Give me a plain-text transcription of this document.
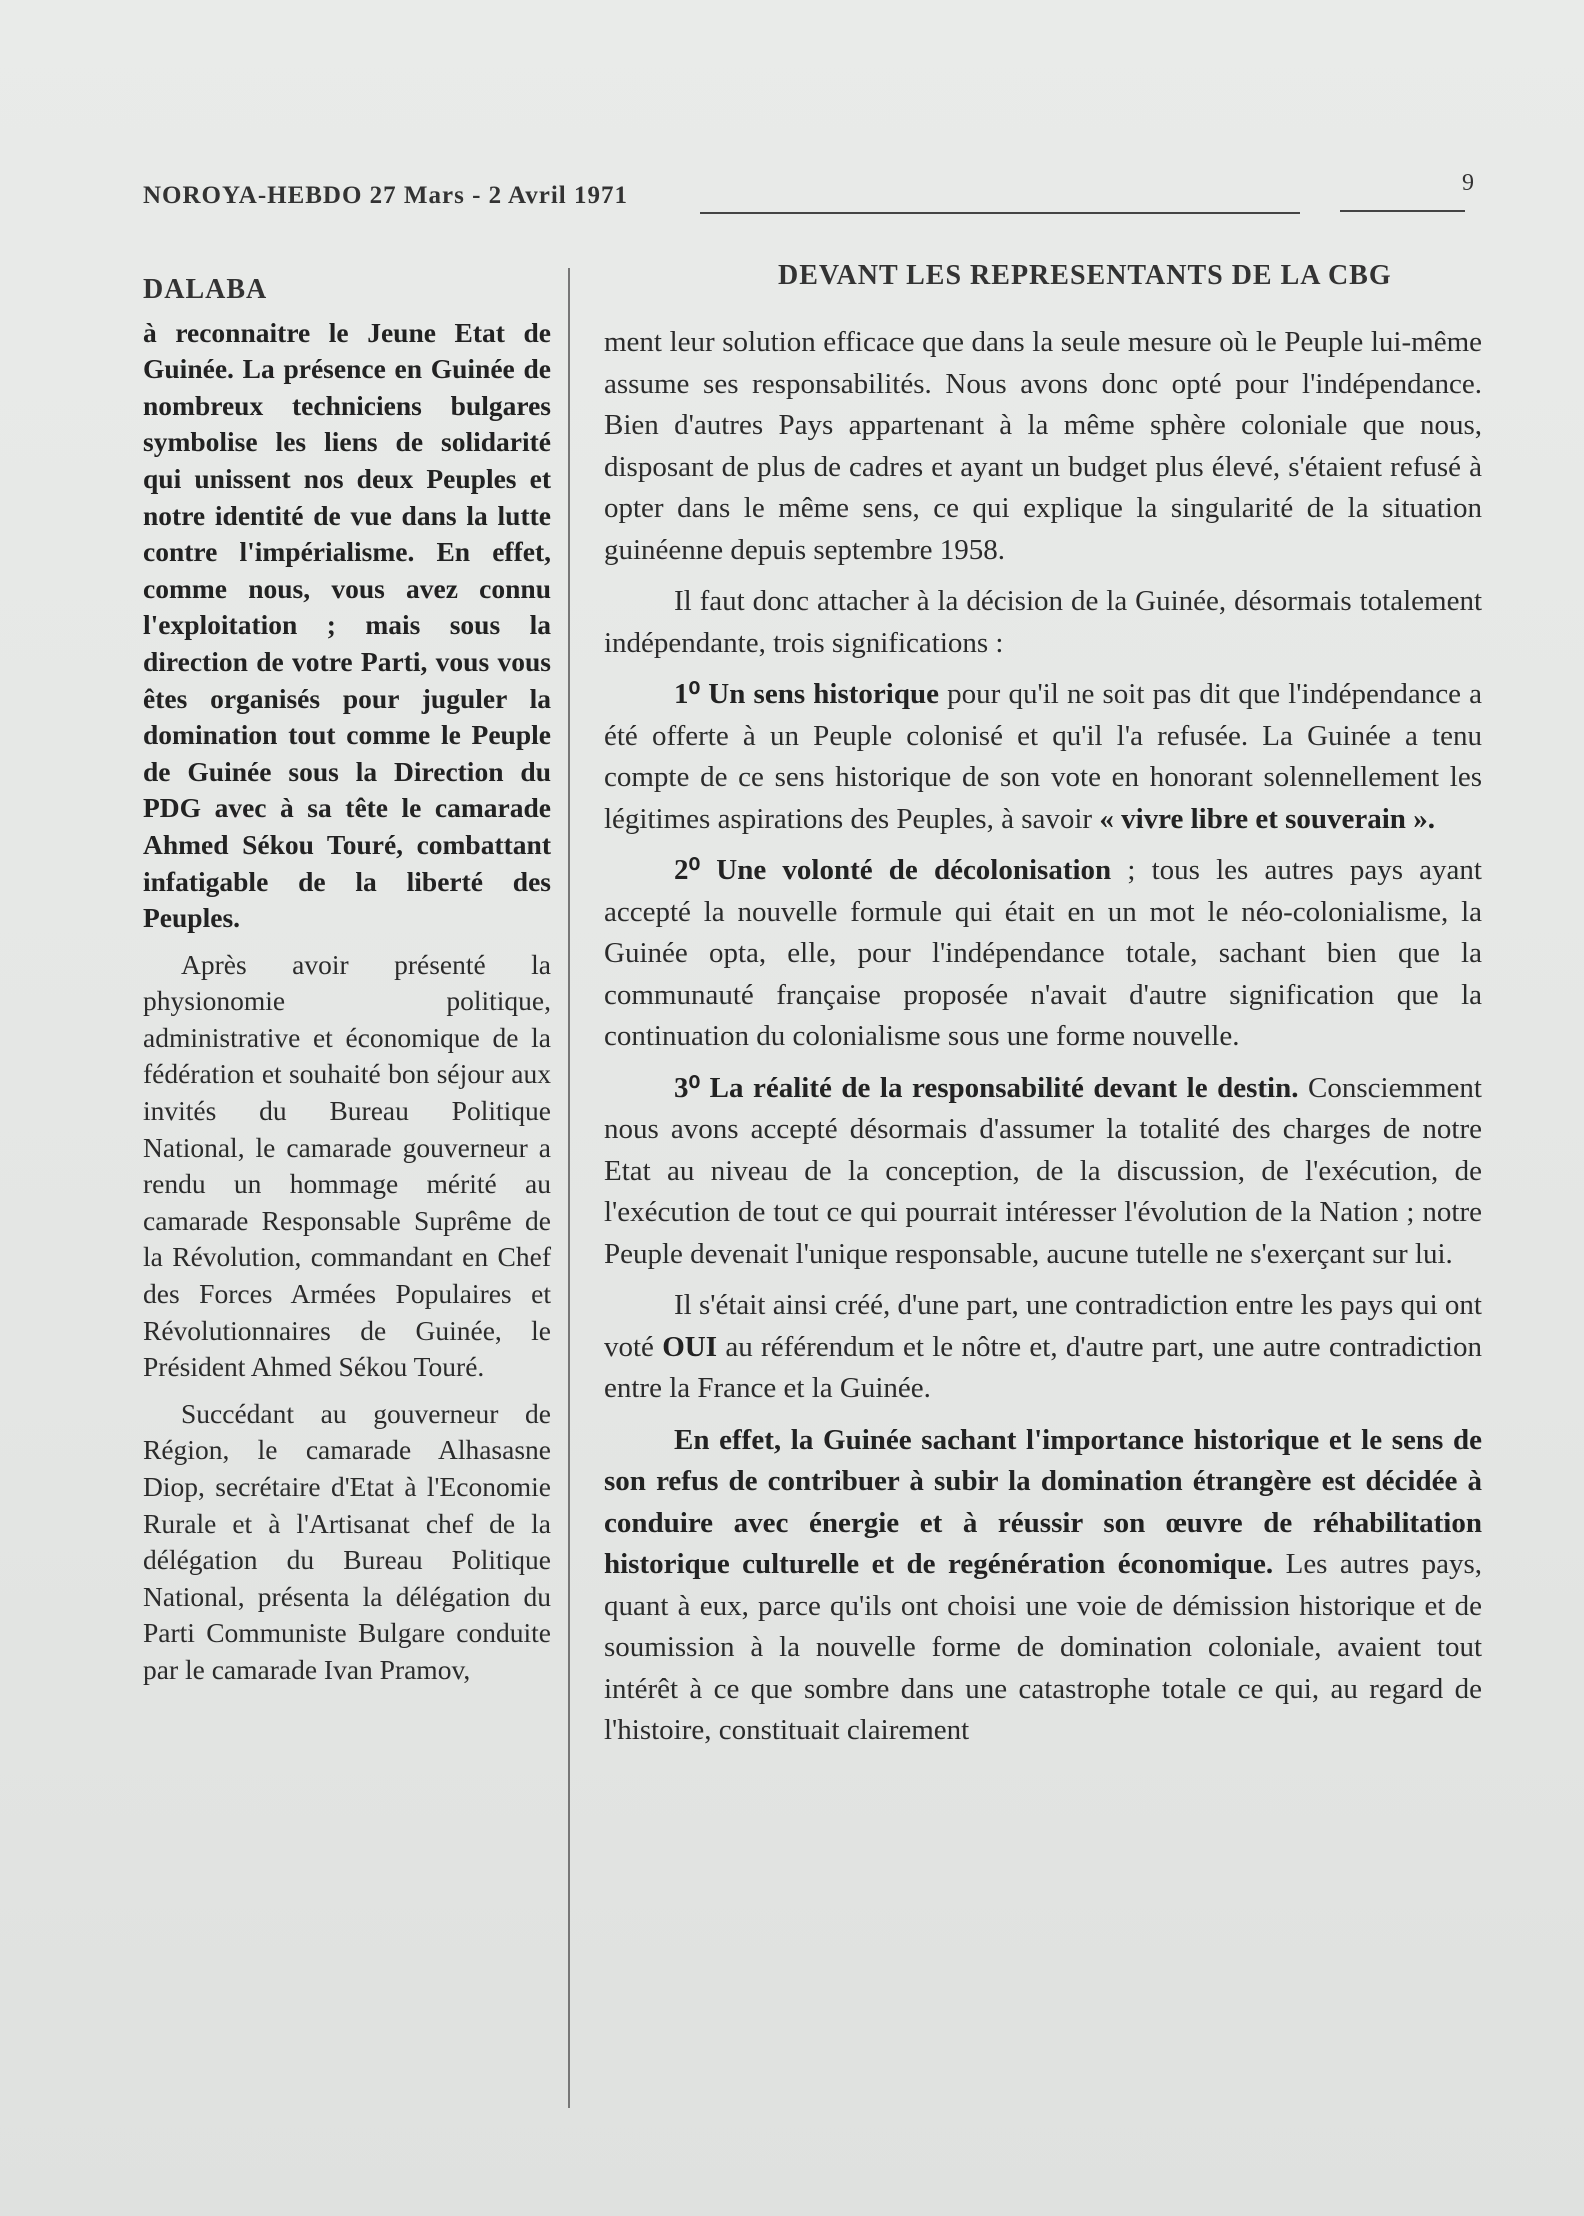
NOROYA-HEBDO 27 Mars - 2 Avril 1971	9
DALABA

à reconnaitre le Jeune Etat de Guinée. La présence en Guinée de nombreux techniciens bulgares symbolise les liens de solidarité qui unissent nos deux Peuples et notre identité de vue dans la lutte contre l'impérialisme. En effet, comme nous, vous avez connu l'exploitation ; mais sous la direction de votre Parti, vous vous êtes organisés pour juguler la domination tout comme le Peuple de Guinée sous la Direction du PDG avec à sa tête le camarade Ahmed Sékou Touré, combattant infatigable de la liberté des Peuples.

Après avoir présenté la physionomie politique, administrative et économique de la fédération et souhaité bon séjour aux invités du Bureau Politique National, le camarade gouverneur a rendu un hommage mérité au camarade Responsable Suprême de la Révolution, commandant en Chef des Forces Armées Populaires et Révolutionnaires de Guinée, le Président Ahmed Sékou Touré.

Succédant au gouverneur de Région, le camarade Alhasasne Diop, secrétaire d'Etat à l'Economie Rurale et à l'Artisanat chef de la délégation du Bureau Politique National, présenta la délégation du Parti Communiste Bulgare conduite par le camarade Ivan Pramov,

DEVANT LES REPRESENTANTS DE LA CBG

ment leur solution efficace que dans la seule mesure où le Peuple lui-même assume ses responsabilités. Nous avons donc opté pour l'indépendance. Bien d'autres Pays appartenant à la même sphère coloniale que nous, disposant de plus de cadres et ayant un budget plus élevé, s'étaient refusé à opter dans le même sens, ce qui explique la singularité de la situation guinéenne depuis septembre 1958.

Il faut donc attacher à la décision de la Guinée, désormais totalement indépendante, trois significations :

1⁰ Un sens historique pour qu'il ne soit pas dit que l'indépendance a été offerte à un Peuple colonisé et qu'il l'a refusée. La Guinée a tenu compte de ce sens historique de son vote en honorant solennellement les légitimes aspirations des Peuples, à savoir « vivre libre et souverain ».

2⁰ Une volonté de décolonisation ; tous les autres pays ayant accepté la nouvelle formule qui était en un mot le néo-colonialisme, la Guinée opta, elle, pour l'indépendance totale, sachant bien que la communauté française proposée n'avait d'autre signification que la continuation du colonialisme sous une forme nouvelle.

3⁰ La réalité de la responsabilité devant le destin. Consciemment nous avons accepté désormais d'assumer la totalité des charges de notre Etat au niveau de la conception, de la discussion, de l'exécution, de l'exécution de tout ce qui pourrait intéresser l'évolution de la Nation ; notre Peuple devenait l'unique responsable, aucune tutelle ne s'exerçant sur lui.

Il s'était ainsi créé, d'une part, une contradiction entre les pays qui ont voté OUI au référendum et le nôtre et, d'autre part, une autre contradiction entre la France et la Guinée.

En effet, la Guinée sachant l'importance historique et le sens de son refus de contribuer à subir la domination étrangère est décidée à conduire avec énergie et à réussir son œuvre de réhabilitation historique culturelle et de regénération économique. Les autres pays, quant à eux, parce qu'ils ont choisi une voie de démission historique et de soumission à la nouvelle forme de domination coloniale, avaient tout intérêt à ce que sombre dans une catastrophe totale ce qui, au regard de l'histoire, constituait clairement
